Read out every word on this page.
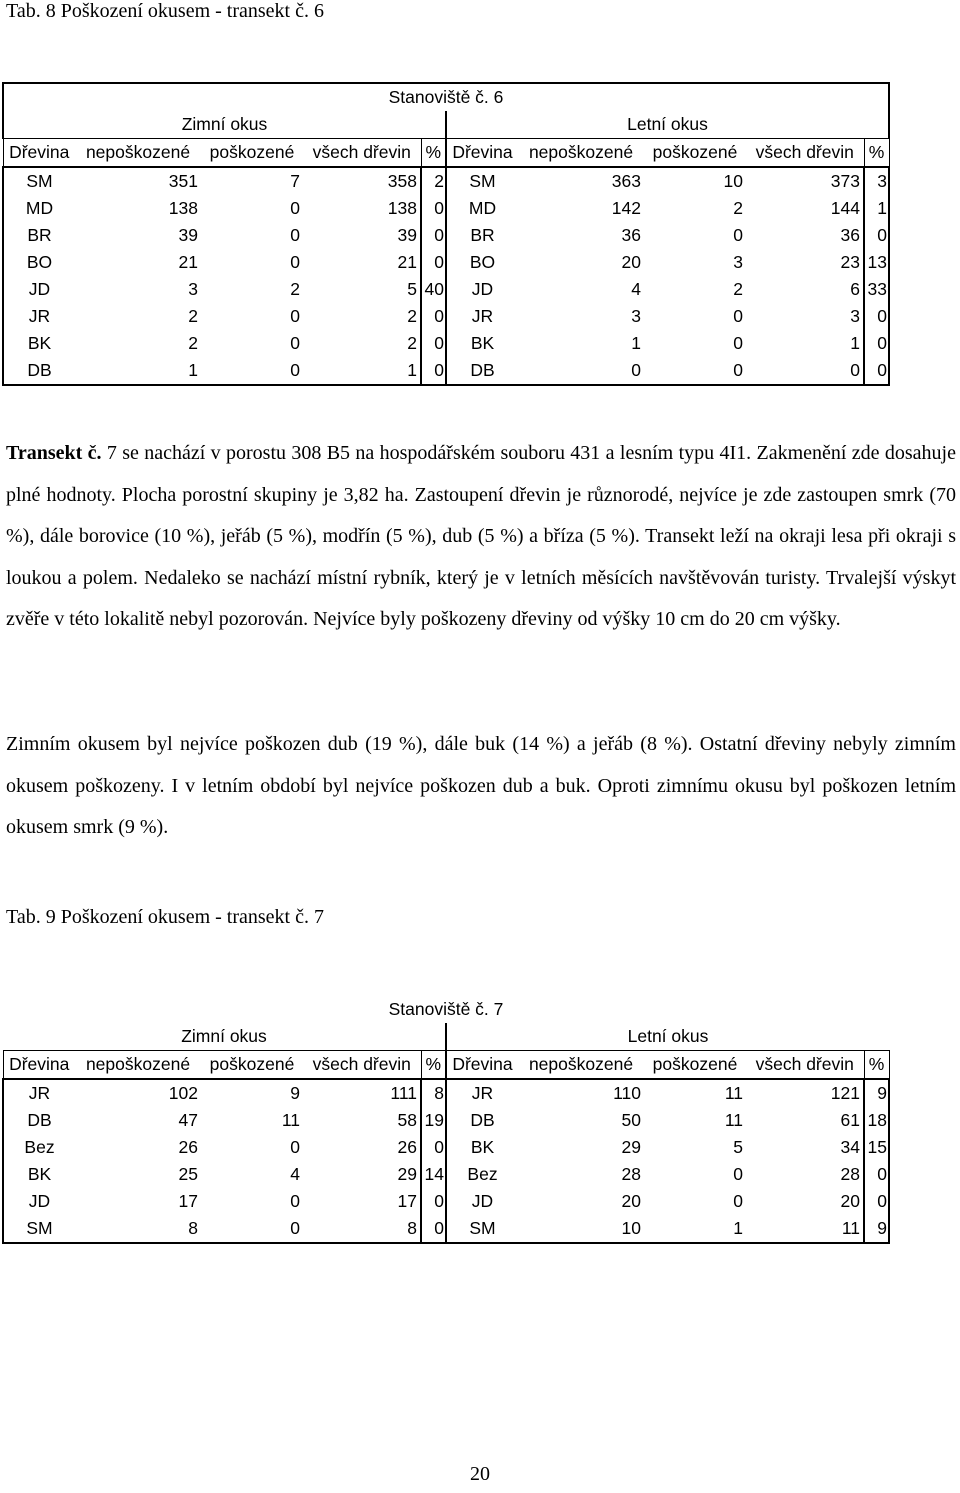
Tab. 8 Poškození okusem - transekt č. 6
Stanoviště č. 6									
Zimní okus					Letní okus				
Dřevina	nepoškozené	poškozené	všech dřevin	%	Dřevina	nepoškozené	poškozené	všech dřevin	%
SM	351	7	358	2	SM	363	10	373	3
MD	138	0	138	0	MD	142	2	144	1
BR	39	0	39	0	BR	36	0	36	0
BO	21	0	21	0	BO	20	3	23	13
JD	3	2	5	40	JD	4	2	6	33
JR	2	0	2	0	JR	3	0	3	0
BK	2	0	2	0	BK	1	0	1	0
DB	1	0	1	0	DB	0	0	0	0
Transekt č. 7 se nachází v porostu 308 B5 na hospodářském souboru 431 a lesním typu 4I1. Zakmenění zde dosahuje plné hodnoty. Plocha porostní skupiny je 3,82 ha. Zastoupení dřevin je různorodé, nejvíce je zde zastoupen smrk (70 %), dále borovice (10 %), jeřáb (5 %), modřín (5 %), dub (5 %) a bříza (5 %). Transekt leží na okraji lesa při okraji s loukou a polem. Nedaleko se nachází místní rybník, který je v letních měsících navštěvován turisty. Trvalejší výskyt zvěře v této lokalitě nebyl pozorován. Nejvíce byly poškozeny dřeviny od výšky 10 cm do 20 cm výšky.
Zimním okusem byl nejvíce poškozen dub (19 %), dále buk (14 %) a jeřáb (8 %). Ostatní dřeviny nebyly zimním okusem poškozeny. I v letním období byl nejvíce poškozen dub a buk. Oproti zimnímu okusu byl poškozen letním okusem smrk (9 %).
Tab. 9 Poškození okusem - transekt č. 7
Stanoviště č. 7									
Zimní okus					Letní okus				
Dřevina	nepoškozené	poškozené	všech dřevin	%	Dřevina	nepoškozené	poškozené	všech dřevin	%
JR	102	9	111	8	JR	110	11	121	9
DB	47	11	58	19	DB	50	11	61	18
Bez	26	0	26	0	BK	29	5	34	15
BK	25	4	29	14	Bez	28	0	28	0
JD	17	0	17	0	JD	20	0	20	0
SM	8	0	8	0	SM	10	1	11	9
20
